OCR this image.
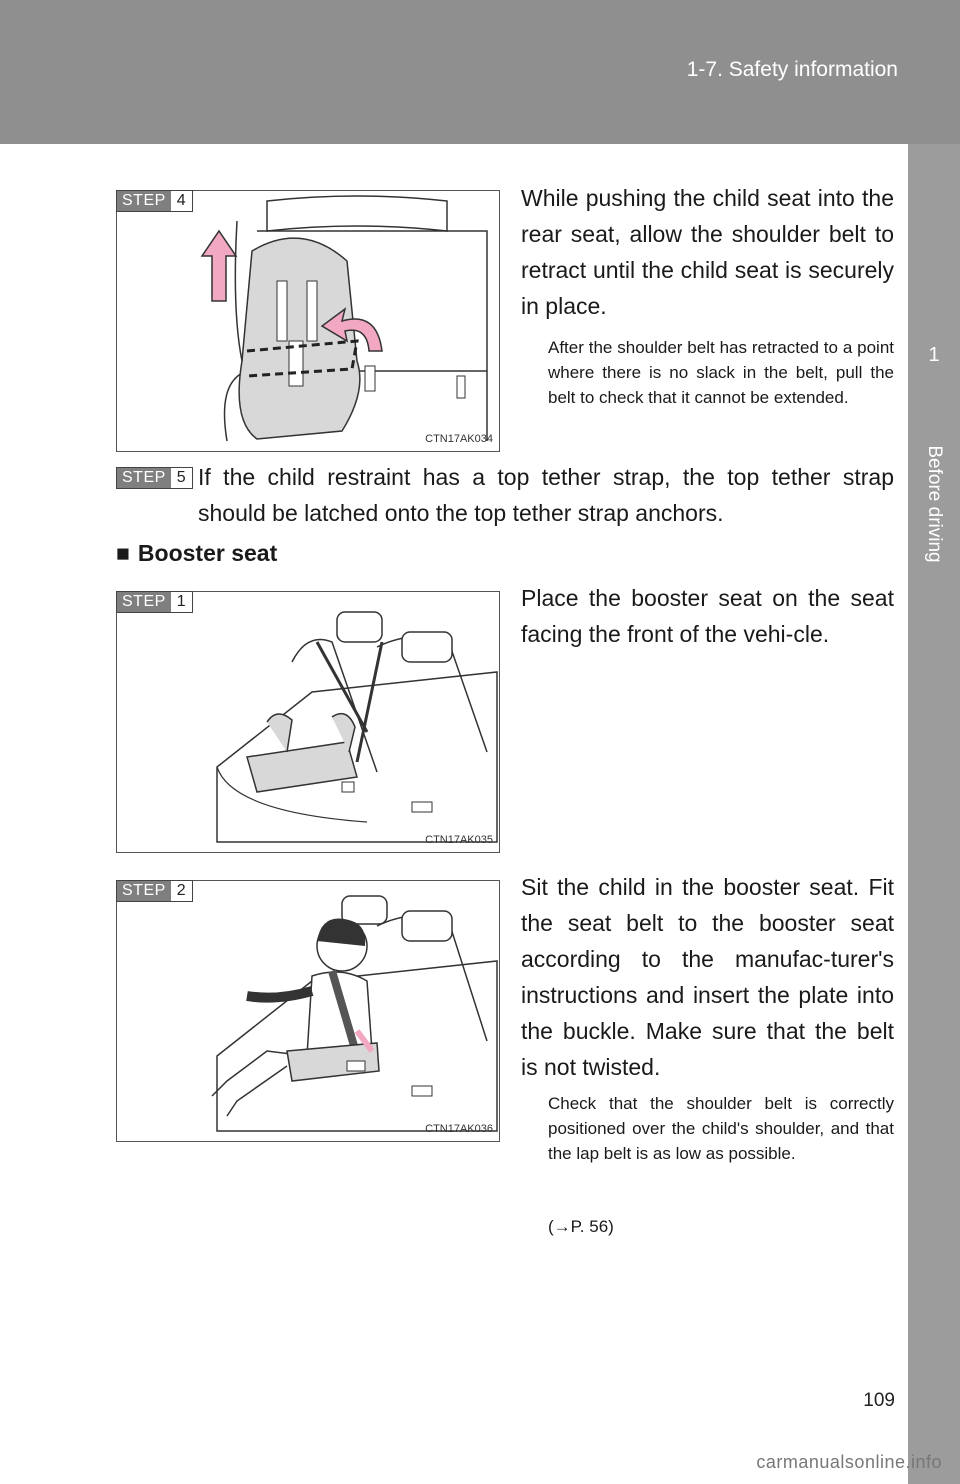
1-7. Safety information
1
Before driving
CTN17AK034
STEP 4	While pushing the child seat into the rear seat, allow the shoulder belt to retract until the child seat is securely in place.
After the shoulder belt has retracted to a point where there is no slack in the belt, pull the belt to check that it cannot be extended.
STEP 5 If the child restraint has a top tether strap, the top tether strap should be latched onto the top tether strap anchors.
■ Booster seat
CTN17AK035
STEP 1	Place the booster seat on the seat facing the front of the vehi-cle.
CTN17AK036
STEP 2	Sit the child in the booster seat. Fit the seat belt to the booster seat according to the manufac-turer's instructions and insert the plate into the buckle. Make sure that the belt is not twisted.
Check that the shoulder belt is correctly positioned over the child's shoulder, and that the lap belt is as low as possible.
(→P. 56)
109
carmanualsonline.info
